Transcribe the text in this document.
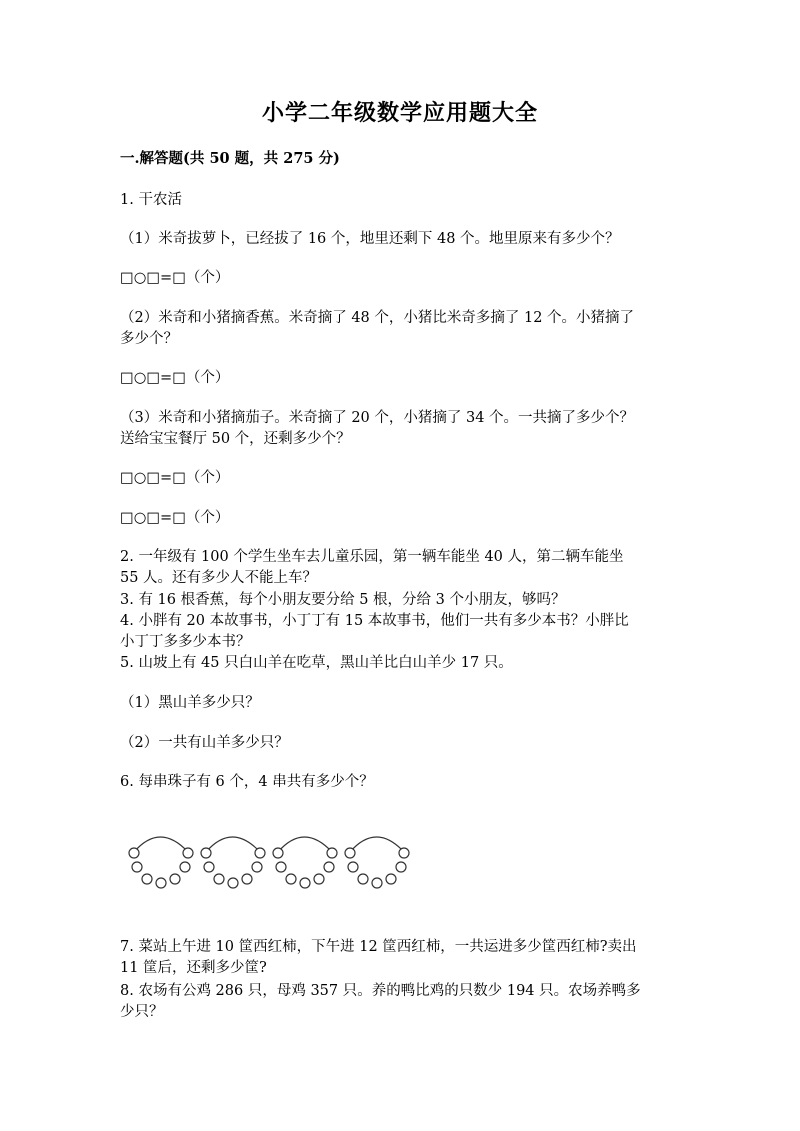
小学二年级数学应用题大全
一.解答题(共 50 题，共 275 分)
1. 干农活
（1）米奇拔萝卜，已经拔了 16 个，地里还剩下 48 个。地里原来有多少个？
□○□=□（个）
（2）米奇和小猪摘香蕉。米奇摘了 48 个，小猪比米奇多摘了 12 个。小猪摘了
多少个？
□○□=□（个）
（3）米奇和小猪摘茄子。米奇摘了 20 个，小猪摘了 34 个。一共摘了多少个？
送给宝宝餐厅 50 个，还剩多少个？
□○□=□（个）
□○□=□（个）
2. 一年级有 100 个学生坐车去儿童乐园，第一辆车能坐 40 人，第二辆车能坐
55 人。还有多少人不能上车？
3. 有 16 根香蕉，每个小朋友要分给 5 根，分给 3 个小朋友，够吗？
4. 小胖有 20 本故事书，小丁丁有 15 本故事书，他们一共有多少本书？小胖比
小丁丁多多少本书？
5. 山坡上有 45 只白山羊在吃草，黑山羊比白山羊少 17 只。
（1）黑山羊多少只？
（2）一共有山羊多少只？
6. 每串珠子有 6 个，4 串共有多少个？
7. 菜站上午进 10 筐西红柿，下午进 12 筐西红柿，一共运进多少筐西红柿?卖出
11 筐后，还剩多少筐?
8. 农场有公鸡 286 只，母鸡 357 只。养的鸭比鸡的只数少 194 只。农场养鸭多
少只？
